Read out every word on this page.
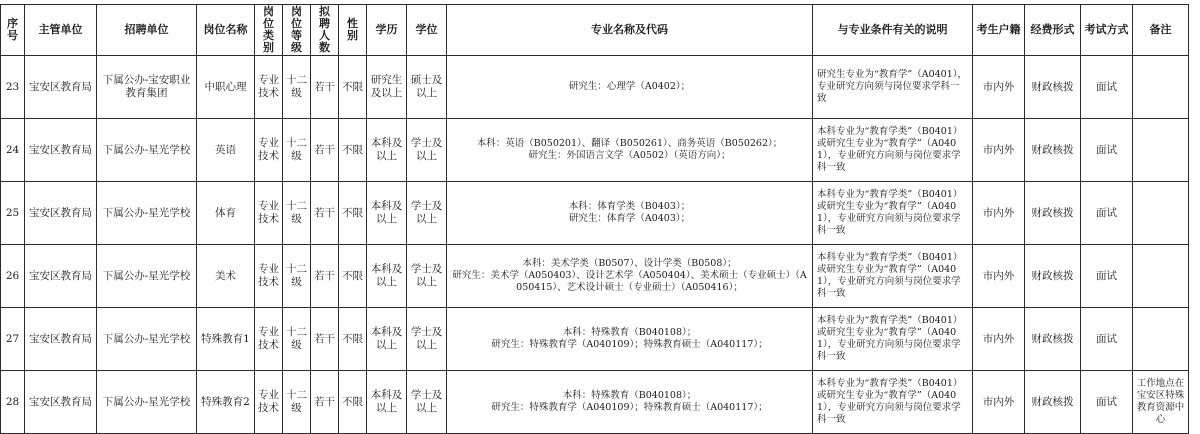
序号	主管单位	招聘单位	岗位名称	岗位类别	岗位等级	拟聘人数	性别	学历	学位	专业名称及代码	与专业条件有关的说明	考生户籍	经费形式	考试方式	备注
23	宝安区教育局	下属公办-宝安职业教育集团	中职心理	专业技术	十二级	若干	不限	研究生及以上	硕士及以上	研究生：心理学（A0402）；	研究生专业为“教育学”（A0401），专业研究方向须与岗位要求学科一致	市内外	财政核拨	面试	
24	宝安区教育局	下属公办-星光学校	英语	专业技术	十二级	若干	不限	本科及以上	学士及以上	本科：英语（B050201）、翻译（B050261）、商务英语（B050262）；
研究生：外国语言文学（A0502）（英语方向）；	本科专业为“教育学类”（B0401）或研究生专业为“教育学”（A0401），专业研究方向须与岗位要求学科一致	市内外	财政核拨	面试	
25	宝安区教育局	下属公办-星光学校	体育	专业技术	十二级	若干	不限	本科及以上	学士及以上	本科：体育学类（B0403）；
研究生：体育学（A0403）；	本科专业为“教育学类”（B0401）或研究生专业为“教育学”（A0401），专业研究方向须与岗位要求学科一致	市内外	财政核拨	面试	
26	宝安区教育局	下属公办-星光学校	美术	专业技术	十二级	若干	不限	本科及以上	学士及以上	本科：美术学类（B0507）、设计学类（B0508）；
研究生：美术学（A050403）、设计艺术学（A050404）、美术硕士（专业硕士）（A050415）、艺术设计硕士（专业硕士）（A050416）；	本科专业为“教育学类”（B0401）或研究生专业为“教育学”（A0401），专业研究方向须与岗位要求学科一致	市内外	财政核拨	面试	
27	宝安区教育局	下属公办-星光学校	特殊教育1	专业技术	十二级	若干	不限	本科及以上	学士及以上	本科：特殊教育（B040108）；
研究生：特殊教育学（A040109）；特殊教育硕士（A040117）；	本科专业为“教育学类”（B0401）或研究生专业为“教育学”（A0401），专业研究方向须与岗位要求学科一致	市内外	财政核拨	面试	
28	宝安区教育局	下属公办-星光学校	特殊教育2	专业技术	十二级	若干	不限	本科及以上	学士及以上	本科：特殊教育（B040108）；
研究生：特殊教育学（A040109）；特殊教育硕士（A040117）；	本科专业为“教育学类”（B0401）或研究生专业为“教育学”（A0401），专业研究方向须与岗位要求学科一致	市内外	财政核拨	面试	工作地点在宝安区特殊教育资源中心
